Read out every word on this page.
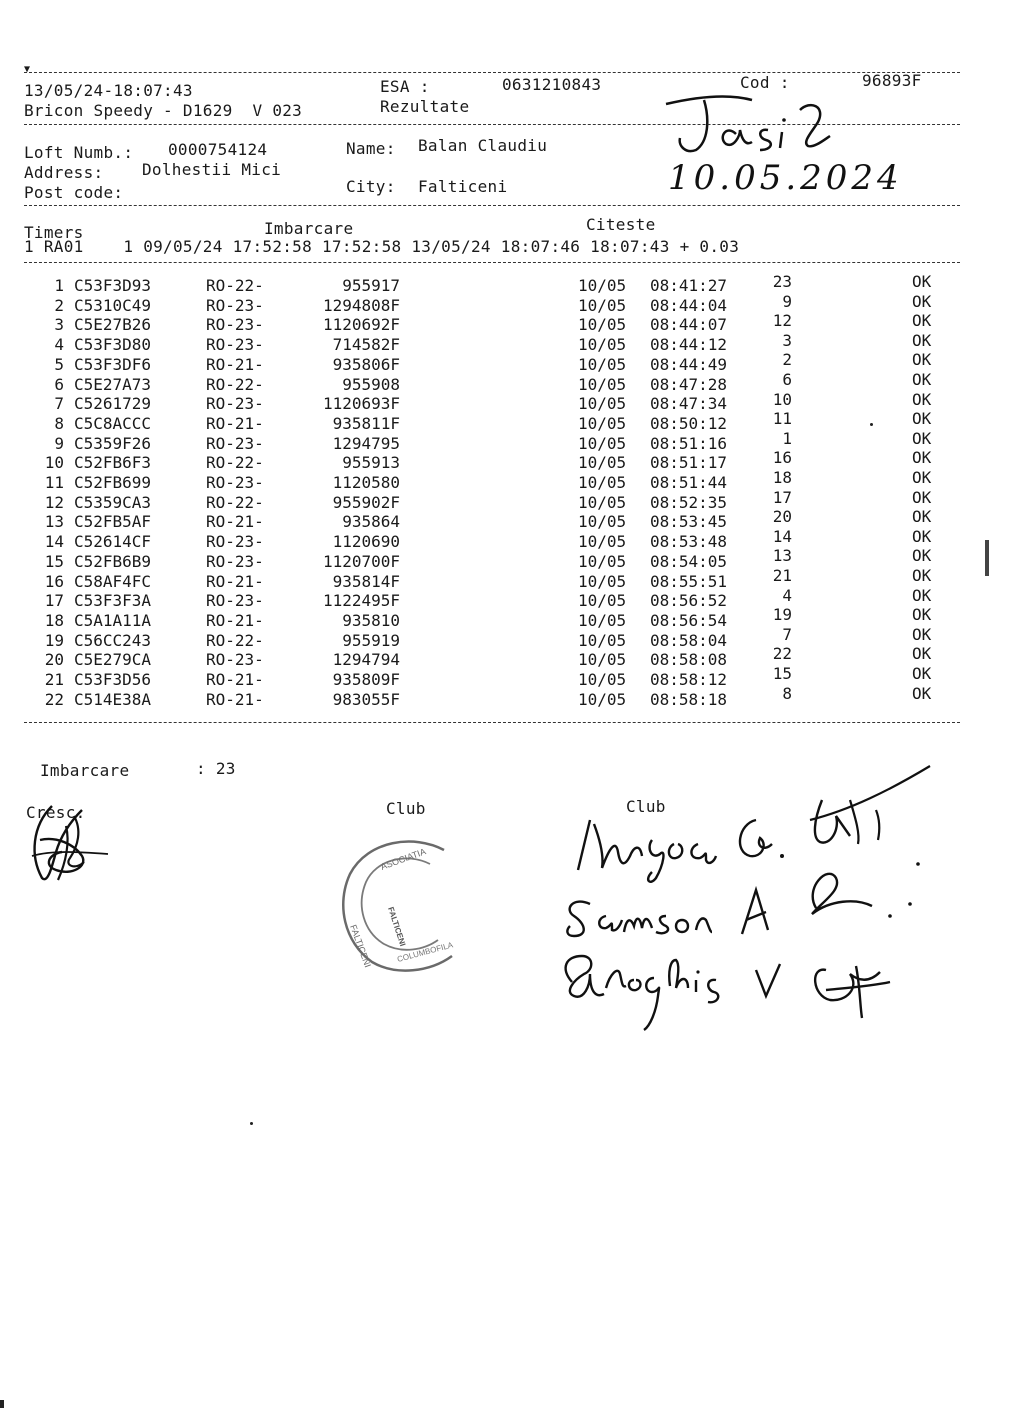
▼
13/05/24-18:07:43	ESA :	0631210843	Cod :	96893F
Bricon Speedy - D1629  V 023	Rezultate
10.05.2024
Loft Numb.: 0000754124	Name: Balan Claudiu
Address: Dolhestii Mici
Post code:	City: Falticeni
Timers	Imbarcare	Citeste
1 RA01    1 09/05/24 17:52:58 17:52:58 13/05/24 18:07:46 18:07:43 + 0.03
1 C53F3D93	RO-22-	955917	10/05 08:41:27	23	OK
2 C5310C49	RO-23-	1294808F	10/05 08:44:04	9	OK
3 C5E27B26	RO-23-	1120692F	10/05 08:44:07	12	OK
4 C53F3D80	RO-23-	714582F	10/05 08:44:12	3	OK
5 C53F3DF6	RO-21-	935806F	10/05 08:44:49	2	OK
6 C5E27A73	RO-22-	955908	10/05 08:47:28	6	OK
7 C5261729	RO-23-	1120693F	10/05 08:47:34	10	OK
8 C5C8ACCC	RO-21-	935811F	10/05 08:50:12	11	OK
9 C5359F26	RO-23-	1294795	10/05 08:51:16	1	OK
10 C52FB6F3	RO-22-	955913	10/05 08:51:17	16	OK
11 C52FB699	RO-23-	1120580	10/05 08:51:44	18	OK
12 C5359CA3	RO-22-	955902F	10/05 08:52:35	17	OK
13 C52FB5AF	RO-21-	935864	10/05 08:53:45	20	OK
14 C52614CF	RO-23-	1120690	10/05 08:53:48	14	OK
15 C52FB6B9	RO-23-	1120700F	10/05 08:54:05	13	OK
16 C58AF4FC	RO-21-	935814F	10/05 08:55:51	21	OK
17 C53F3F3A	RO-23-	1122495F	10/05 08:56:52	4	OK
18 C5A1A11A	RO-21-	935810	10/05 08:56:54	19	OK
19 C56CC243	RO-22-	955919	10/05 08:58:04	7	OK
20 C5E279CA	RO-23-	1294794	10/05 08:58:08	22	OK
21 C53F3D56	RO-21-	935809F	10/05 08:58:12	15	OK
22 C514E38A	RO-21-	983055F	10/05 08:58:18	8	OK
Imbarcare	: 23
Cresc.	Club	Club
ASOCIATIA
FALTICENI FALTICENI
COLUMBOFILA
